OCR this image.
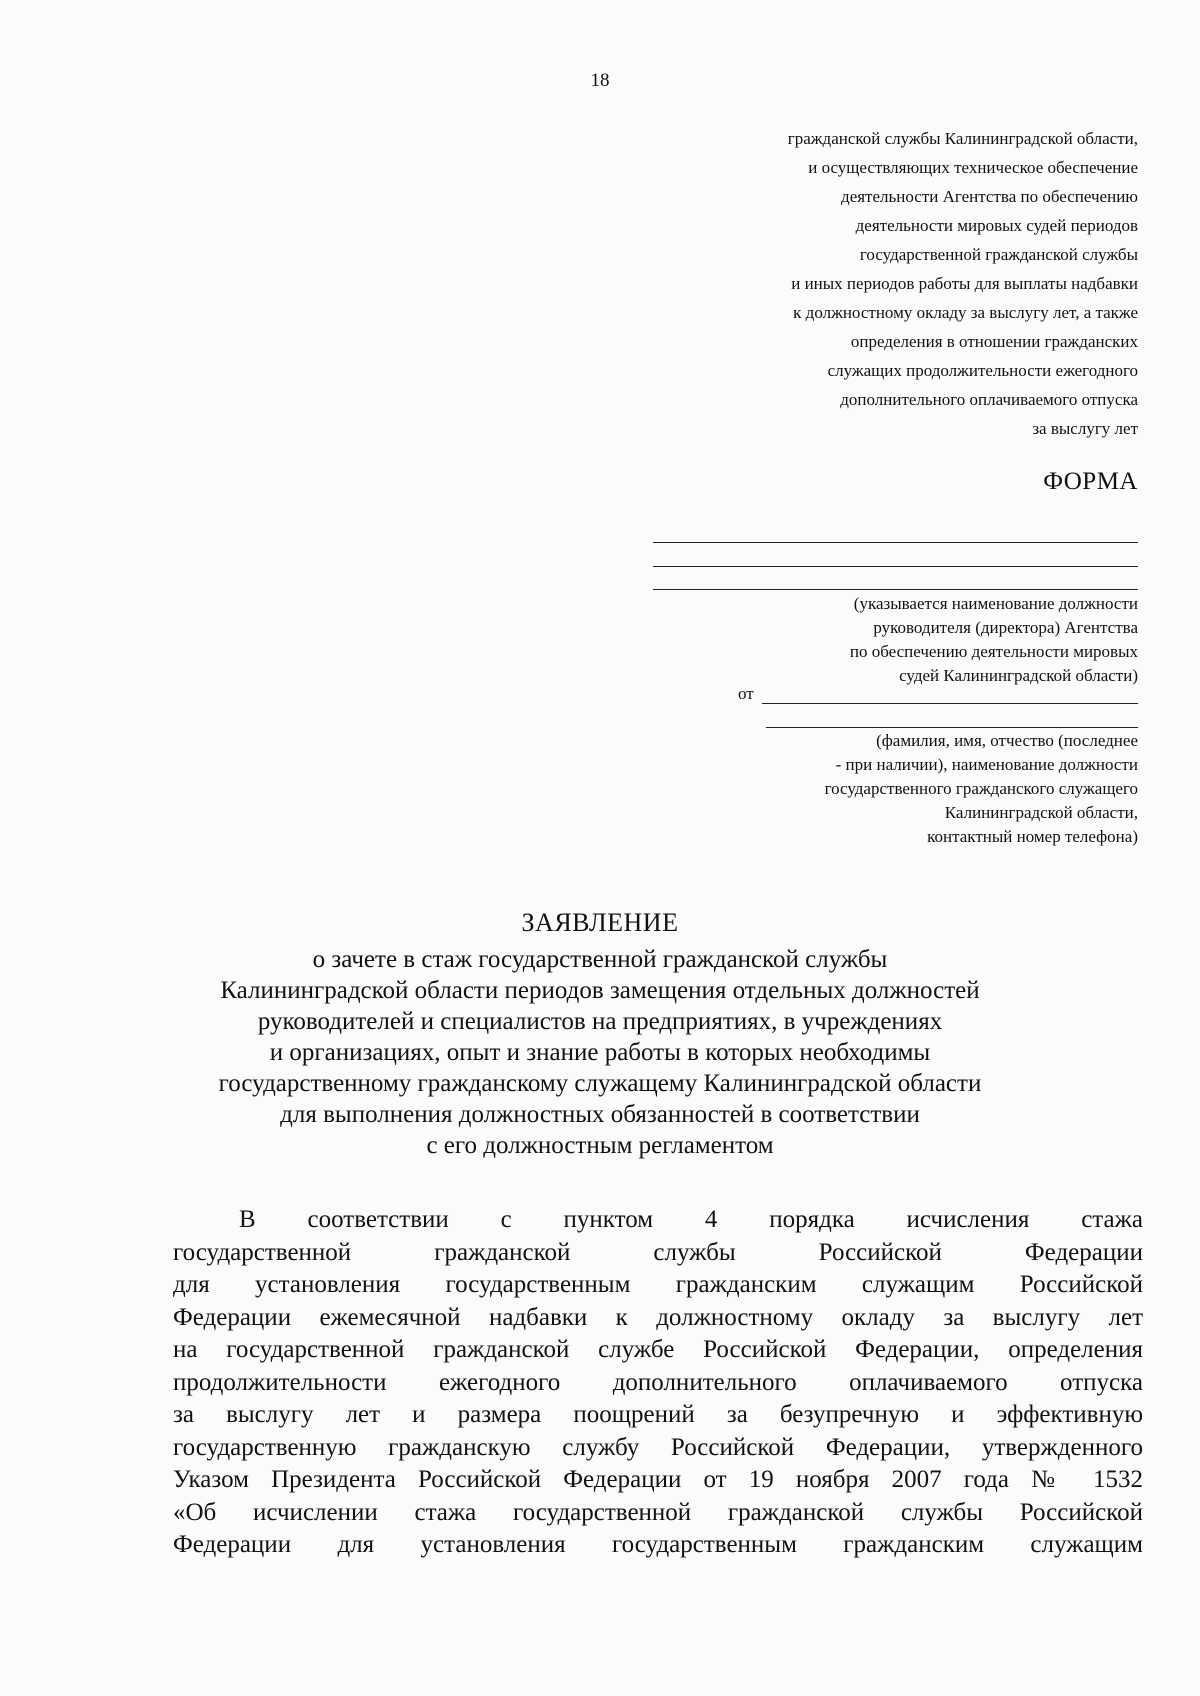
18
гражданской службы Калининградской области,
и осуществляющих техническое обеспечение
деятельности Агентства по обеспечению
деятельности мировых судей периодов
государственной гражданской службы
и иных периодов работы для выплаты надбавки
к должностному окладу за выслугу лет, а также
определения в отношении гражданских
служащих продолжительности ежегодного
дополнительного оплачиваемого отпуска
за выслугу лет
ФОРМА
(указывается наименование должности
руководителя (директора) Агентства
по обеспечению деятельности мировых
судей Калининградской области)
от
(фамилия, имя, отчество (последнее
- при наличии), наименование должности
государственного гражданского служащего
Калининградской области,
контактный номер телефона)
ЗАЯВЛЕНИЕ
о зачете в стаж государственной гражданской службы
Калининградской области периодов замещения отдельных должностей
руководителей и специалистов на предприятиях, в учреждениях
и организациях, опыт и знание работы в которых необходимы
государственному гражданскому служащему Калининградской области
для выполнения должностных обязанностей в соответствии
с его должностным регламентом
В соответствии с пунктом 4 порядка исчисления стажа
государственной гражданской службы Российской Федерации
для установления государственным гражданским служащим Российской
Федерации ежемесячной надбавки к должностному окладу за выслугу лет
на государственной гражданской службе Российской Федерации, определения
продолжительности ежегодного дополнительного оплачиваемого отпуска
за выслугу лет и размера поощрений за безупречную и эффективную
государственную гражданскую службу Российской Федерации, утвержденного
Указом Президента Российской Федерации от 19 ноября 2007 года № 1532
«Об исчислении стажа государственной гражданской службы Российской
Федерации для установления государственным гражданским служащим
